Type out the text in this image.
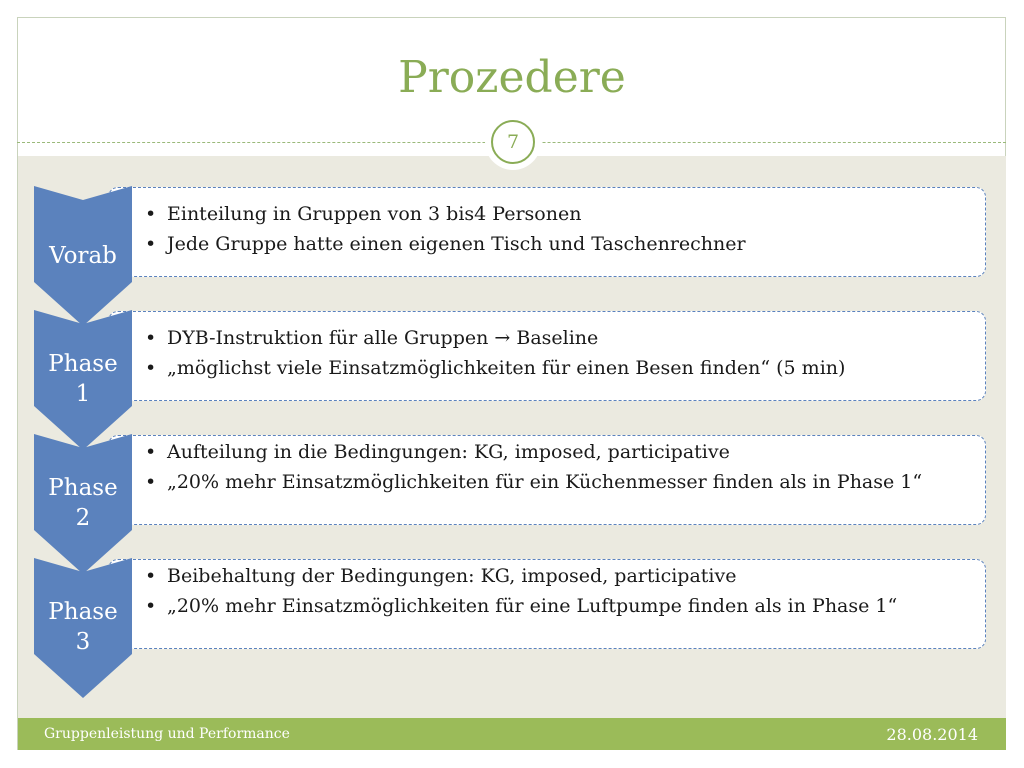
Prozedere
7
• Einteilung in Gruppen von 3 bis4 Personen
• Jede Gruppe hatte einen eigenen Tisch und Taschenrechner
Vorab
• DYB-Instruktion für alle Gruppen → Baseline
• „möglichst viele Einsatzmöglichkeiten für einen Besen finden“ (5 min)
Phase
1
• Aufteilung in die Bedingungen: KG, imposed, participative
• „20% mehr Einsatzmöglichkeiten für ein Küchenmesser finden als in Phase 1“
Phase
2
• Beibehaltung der Bedingungen: KG, imposed, participative
• „20% mehr Einsatzmöglichkeiten für eine Luftpumpe finden als in Phase 1“
Phase
3
Gruppenleistung und Performance	28.08.2014
